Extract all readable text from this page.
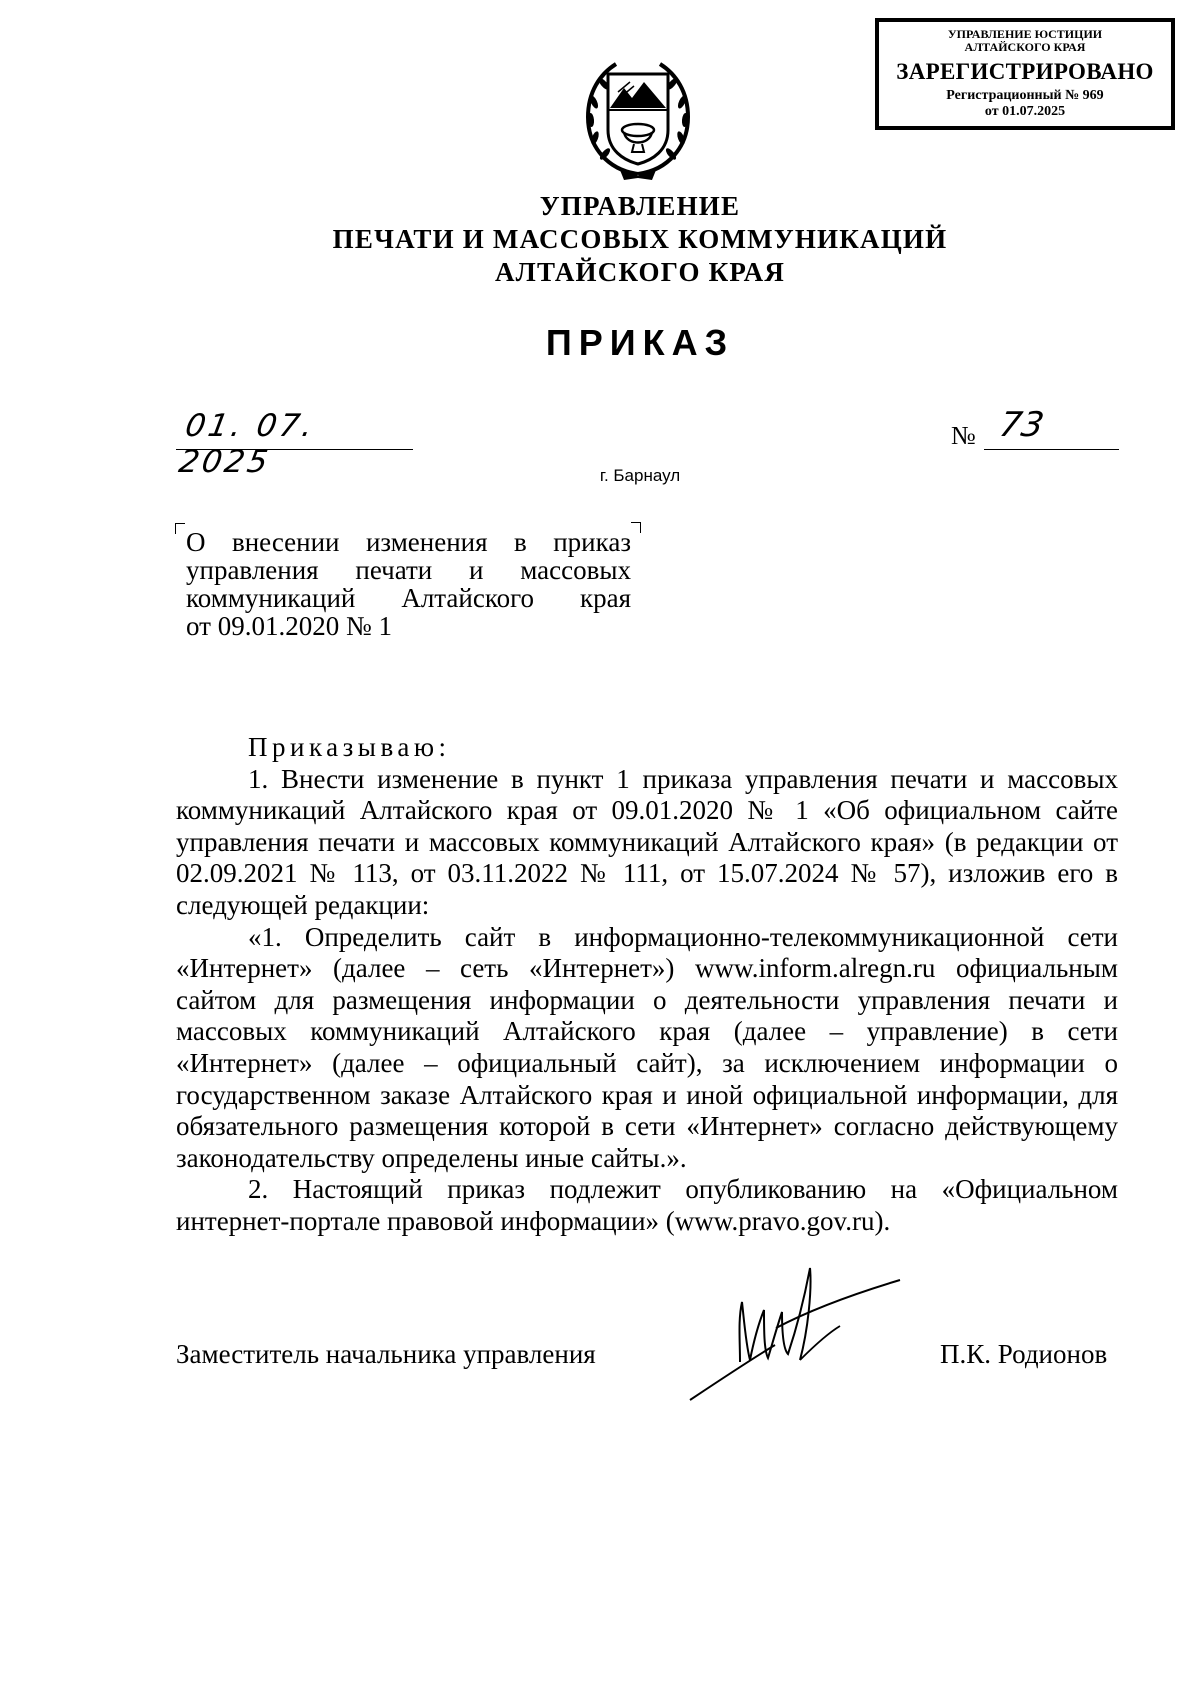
УПРАВЛЕНИЕ ЮСТИЦИИ
АЛТАЙСКОГО КРАЯ
ЗАРЕГИСТРИРОВАНО
Регистрационный № 969
от 01.07.2025
УПРАВЛЕНИЕ
ПЕЧАТИ И МАССОВЫХ КОММУНИКАЦИЙ
АЛТАЙСКОГО КРАЯ
ПРИКАЗ
01. 07. 2025
№ 73
г. Барнаул
О внесении изменения в приказ
управления печати и массовых
коммуникаций Алтайского края
от 09.01.2020 № 1

Приказываю:

1. Внести изменение в пункт 1 приказа управления печати и массовых коммуникаций Алтайского края от 09.01.2020 № 1 «Об официальном сайте управления печати и массовых коммуникаций Алтайского края» (в редакции от 02.09.2021 № 113, от 03.11.2022 № 111, от 15.07.2024 № 57), изложив его в следующей редакции:

«1. Определить сайт в информационно-телекоммуникационной сети «Интернет» (далее – сеть «Интернет») www.inform.alregn.ru официальным сайтом для размещения информации о деятельности управления печати и массовых коммуникаций Алтайского края (далее – управление) в сети «Интернет» (далее – официальный сайт), за исключением информации о государственном заказе Алтайского края и иной официальной информации, для обязательного размещения которой в сети «Интернет» согласно действующему законодательству определены иные сайты.».

2. Настоящий приказ подлежит опубликованию на «Официальном интернет-портале правовой информации» (www.pravo.gov.ru).

Заместитель начальника управления	П.К. Родионов
